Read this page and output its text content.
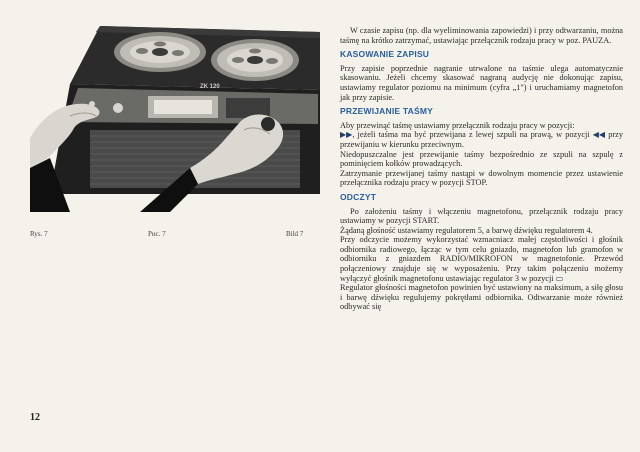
ZK 120
Rys. 7	Рис. 7	Bild 7
12

W czasie zapisu (np. dla wyeliminowania zapowiedzi) i przy odtwarzaniu, można taśmę na krótko zatrzymać, ustawiając przełącznik rodzaju pracy w poz. PAUZA.

KASOWANIE ZAPISU

Przy zapisie poprzednie nagranie utrwalone na taśmie ulega automatycznie skasowaniu. Jeżeli chcemy skasować nagraną audycję nie dokonując zapisu, ustawiamy regulator poziomu na minimum (cyfra „1") i uruchamiamy magnetofon jak przy zapisie.

PRZEWIJANIE TAŚMY

Aby przewinąć taśmę ustawiamy przełącznik rodzaju pracy w pozycji:

▶▶, jeżeli taśma ma być przewijana z lewej szpuli na prawą, w pozycji ◀◀ przy przewijaniu w kierunku przeciwnym.

Niedopuszczalne jest przewijanie taśmy bezpośrednio ze szpuli na szpulę z pominięciem kołków prowadzących.

Zatrzymanie przewijanej taśmy nastąpi w dowolnym momencie przez ustawienie przełącznika rodzaju pracy w pozycji STOP.

ODCZYT

Po założeniu taśmy i włączeniu magnetofonu, przełącznik rodzaju pracy ustawiamy w pozycji START.

Żądaną głośność ustawiamy regulatorem 5, a barwę dźwięku regulatorem 4.

Przy odczycie możemy wykorzystać wzmacniacz małej częstotliwości i głośnik odbiornika radiowego, łącząc w tym celu gniazdo, magnetofon lub gramofon w odbiorniku z gniazdem RADIO/MIKROFON w magnetofonie. Przewód połączeniowy znajduje się w wyposażeniu. Przy takim połączeniu możemy wyłączyć głośnik magnetofonu ustawiając regulator 3 w pozycji ▭

Regulator głośności magnetofon powinien być ustawiony na maksimum, a siłę głosu i barwę dźwięku regulujemy pokrętłami odbiornika. Odtwarzanie może również odbywać się
